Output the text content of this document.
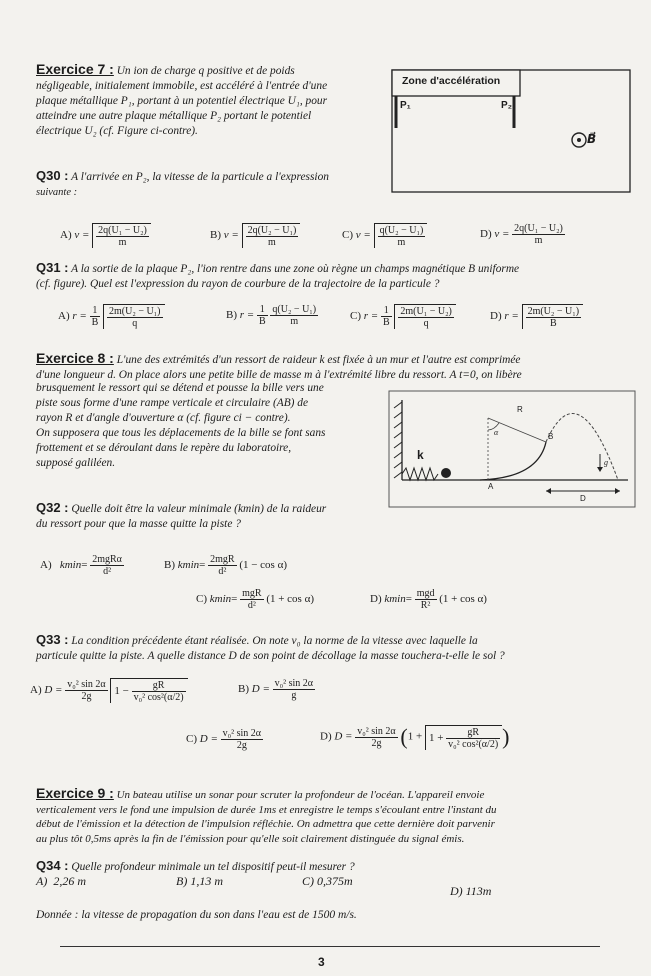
Exercice 7 : Un ion de charge q positive et de poids
négligeable, initialement immobile, est accéléré à l'entrée d'une
plaque métallique P₁, portant à un potentiel électrique U₁, pour
atteindre une autre plaque métallique P₂ portant le potentiel
électrique U₂ (cf. Figure ci-contre).
Zone d'accélération
P₁	P₂
B⃗
Q30 : A l'arrivée en P₂, la vitesse de la particule a l'expression
suivante :
A) $v = \frac{\text{2q(U₁ − U₂)}}{m}$	B) $v = \frac{\text{2q(U₂ − U₁)}}{m}$	C) $v = \frac{\text{q(U₂ − U₁)}}{m}$	D) $v = \frac{\text{2q(U₁ − U₂)}}{m}$
Q31 : A la sortie de la plaque P₂, l'ion rentre dans une zone où règne un champs magnétique B uniforme
(cf. figure). Quel est l'expression du rayon de courbure de la trajectoire de la particule ?
A) $r = \frac{1}{B}$
$\frac{\text{2m(U₂ − U₁)}}{q}$	B) $r = \frac{1}{B}$
$\frac{\text{q(U₂ − U₁)}}{m}$	C) $r = \frac{1}{B}$
$\frac{\text{2m(U₁ − U₂)}}{q}$	D) $r = \frac{\text{2m(U₂ − U₁)}}{B}$
Exercice 8 : L'une des extrémités d'un ressort de raideur k est fixée à un mur et l'autre est comprimée
d'une longueur d. On place alors une petite bille de masse m à l'extrémité libre du ressort. A t=0, on libère
brusquement le ressort qui se détend et pousse la bille vers une
piste sous forme d'une rampe verticale et circulaire (AB) de
rayon R et d'angle d'ouverture α (cf. figure ci − contre).
On supposera que tous les déplacements de la bille se font sans
frottement et se déroulant dans le repère du laboratoire,
supposé galiléen.
k
R
α	B
A
D
g⃗
Q32 : Quelle doit être la valeur minimale (kmin) de la raideur
du ressort pour que la masse quitte la piste ?
A) $kmin= \frac{\text{2mgRα}}{\text{d²}}$	B) $kmin= \frac{\text{2mgR}}{\text{d²}} (1 - \cos \alpha)$
C) $kmin= \frac{\text{mgR}}{\text{d²}} (1 + \cos \alpha)$	D) $kmin= \frac{\text{mgd}}{\text{R²}} (1 + \cos \alpha)$
Q33 : La condition précédente étant réalisée. On note v₀ la norme de la vitesse avec laquelle la
particule quitte la piste. A quelle distance D de son point de décollage la masse touchera-t-elle le sol ?
A) $D = \frac{\text{v₀² sin 2α}}{2g} 1 - \frac{gR}{\text{v₀² cos²(α/2)}}$	B) $D = \frac{\text{v₀² sin 2α}}{g}$
C) $D = \frac{\text{v₀² sin 2α}}{2g}$	D) $D = \frac{\text{v₀² sin 2α}}{2g} (1 + 1 + \frac{gR}{\text{v₀² cos²(α/2)}}$ )
Exercice 9 : Un bateau utilise un sonar pour scruter la profondeur de l'océan. L'appareil envoie
verticalement vers le fond une impulsion de durée 1ms et enregistre le temps s'écoulant entre l'instant du
début de l'émission et la détection de l'impulsion réfléchie. On admettra que cette dernière doit parvenir
au plus tôt 0,5ms après la fin de l'émission pour qu'elle soit clairement distinguée du signal émis.
Q34 : Quelle profondeur minimale un tel dispositif peut-il mesurer ?
A) 2,26 m	B) 1,13 m	C) 0,375m
D) 113m
Donnée : la vitesse de propagation du son dans l'eau est de 1500 m/s.
3
